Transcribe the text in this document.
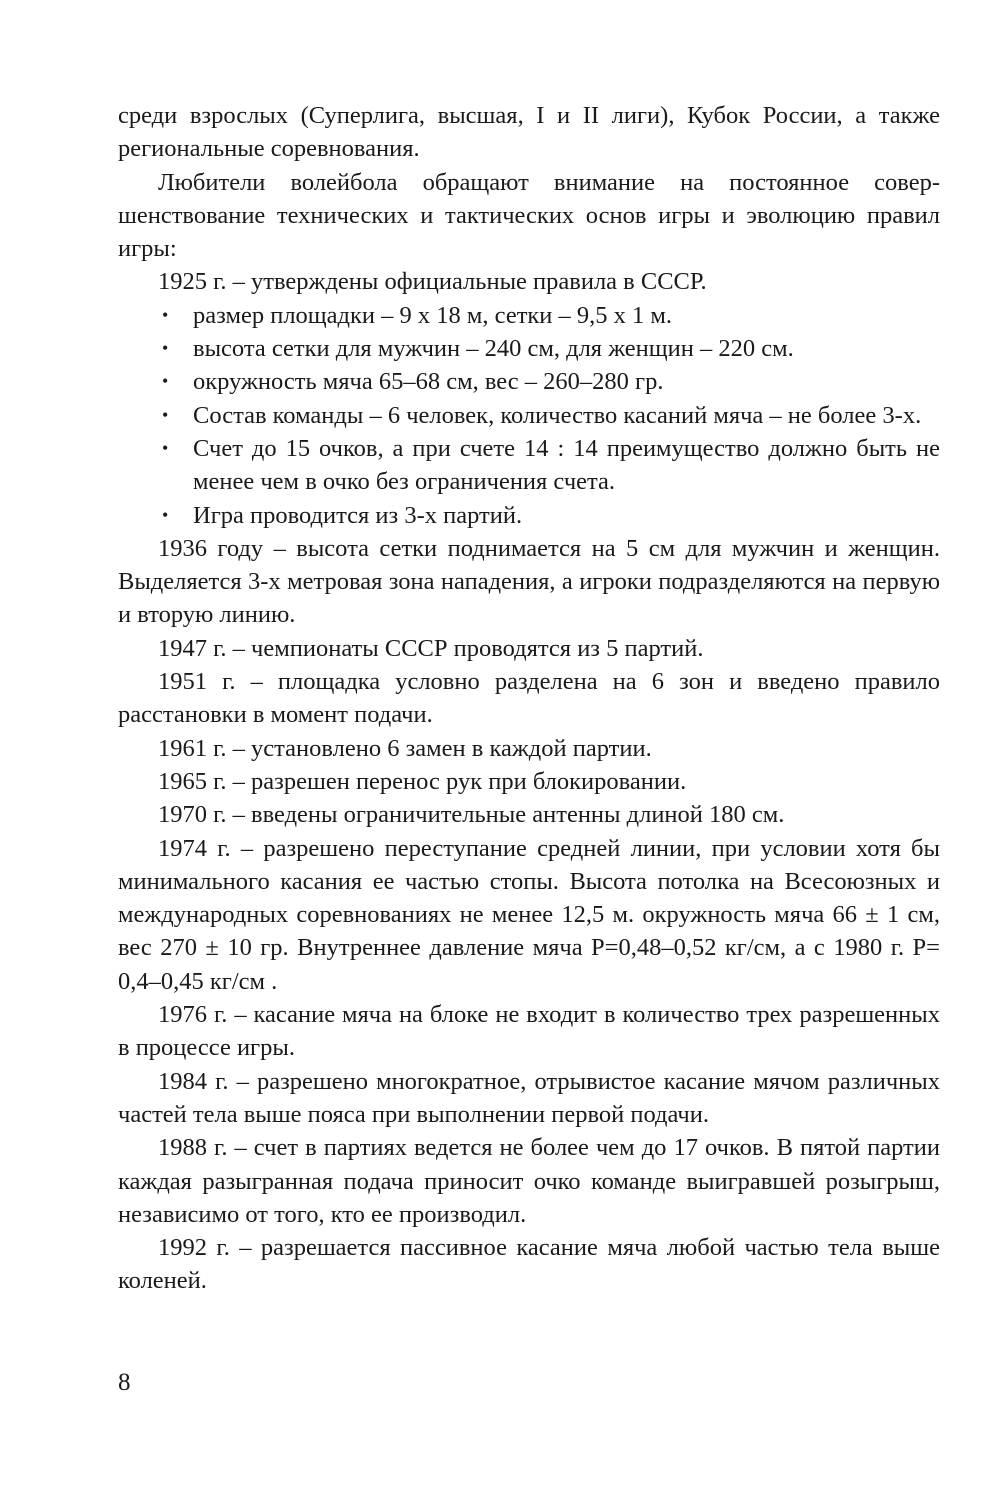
среди взрослых (Суперлига, высшая, I и II лиги), Кубок России, а также региональные соревнования.

Любители волейбола обращают внимание на постоянное совершенствование технических и тактических основ игры и эволюцию правил игры:

1925 г. – утверждены официальные правила в СССР.

• размер площадки – 9 х 18 м, сетки – 9,5 х 1 м.
• высота сетки для мужчин – 240 см, для женщин – 220 см.
• окружность мяча 65–68 см, вес – 260–280 гр.
• Состав команды – 6 человек, количество касаний мяча – не более 3-х.
• Счет до 15 очков, а при счете 14 : 14 преимущество должно быть не менее чем в очко без ограничения счета.
• Игра проводится из 3-х партий.

1936 году – высота сетки поднимается на 5 см для мужчин и женщин. Выделяется 3-х метровая зона нападения, а игроки подразделяются на первую и вторую линию.

1947 г. – чемпионаты СССР проводятся из 5 партий.

1951 г. – площадка условно разделена на 6 зон и введено правило расстановки в момент подачи.

1961 г. – установлено 6 замен в каждой партии.

1965 г. – разрешен перенос рук при блокировании.

1970 г. – введены ограничительные антенны длиной 180 см.

1974 г. – разрешено переступание средней линии, при условии хотя бы минимального касания ее частью стопы. Высота потолка на Всесоюзных и международных соревнованиях не менее 12,5 м. окружность мяча 66 ± 1 см, вес 270 ± 10 гр. Внутреннее давление мяча Р=0,48–0,52 кг/см, а с 1980 г. Р= 0,4–0,45 кг/см .

1976 г. – касание мяча на блоке не входит в количество трех разрешенных в процессе игры.

1984 г. – разрешено многократное, отрывистое касание мячом различных частей тела выше пояса при выполнении первой подачи.

1988 г. – счет в партиях ведется не более чем до 17 очков. В пятой партии каждая разыгранная подача приносит очко команде выигравшей розыгрыш, независимо от того, кто ее производил.

1992 г. – разрешается пассивное касание мяча любой частью тела выше коленей.

8
